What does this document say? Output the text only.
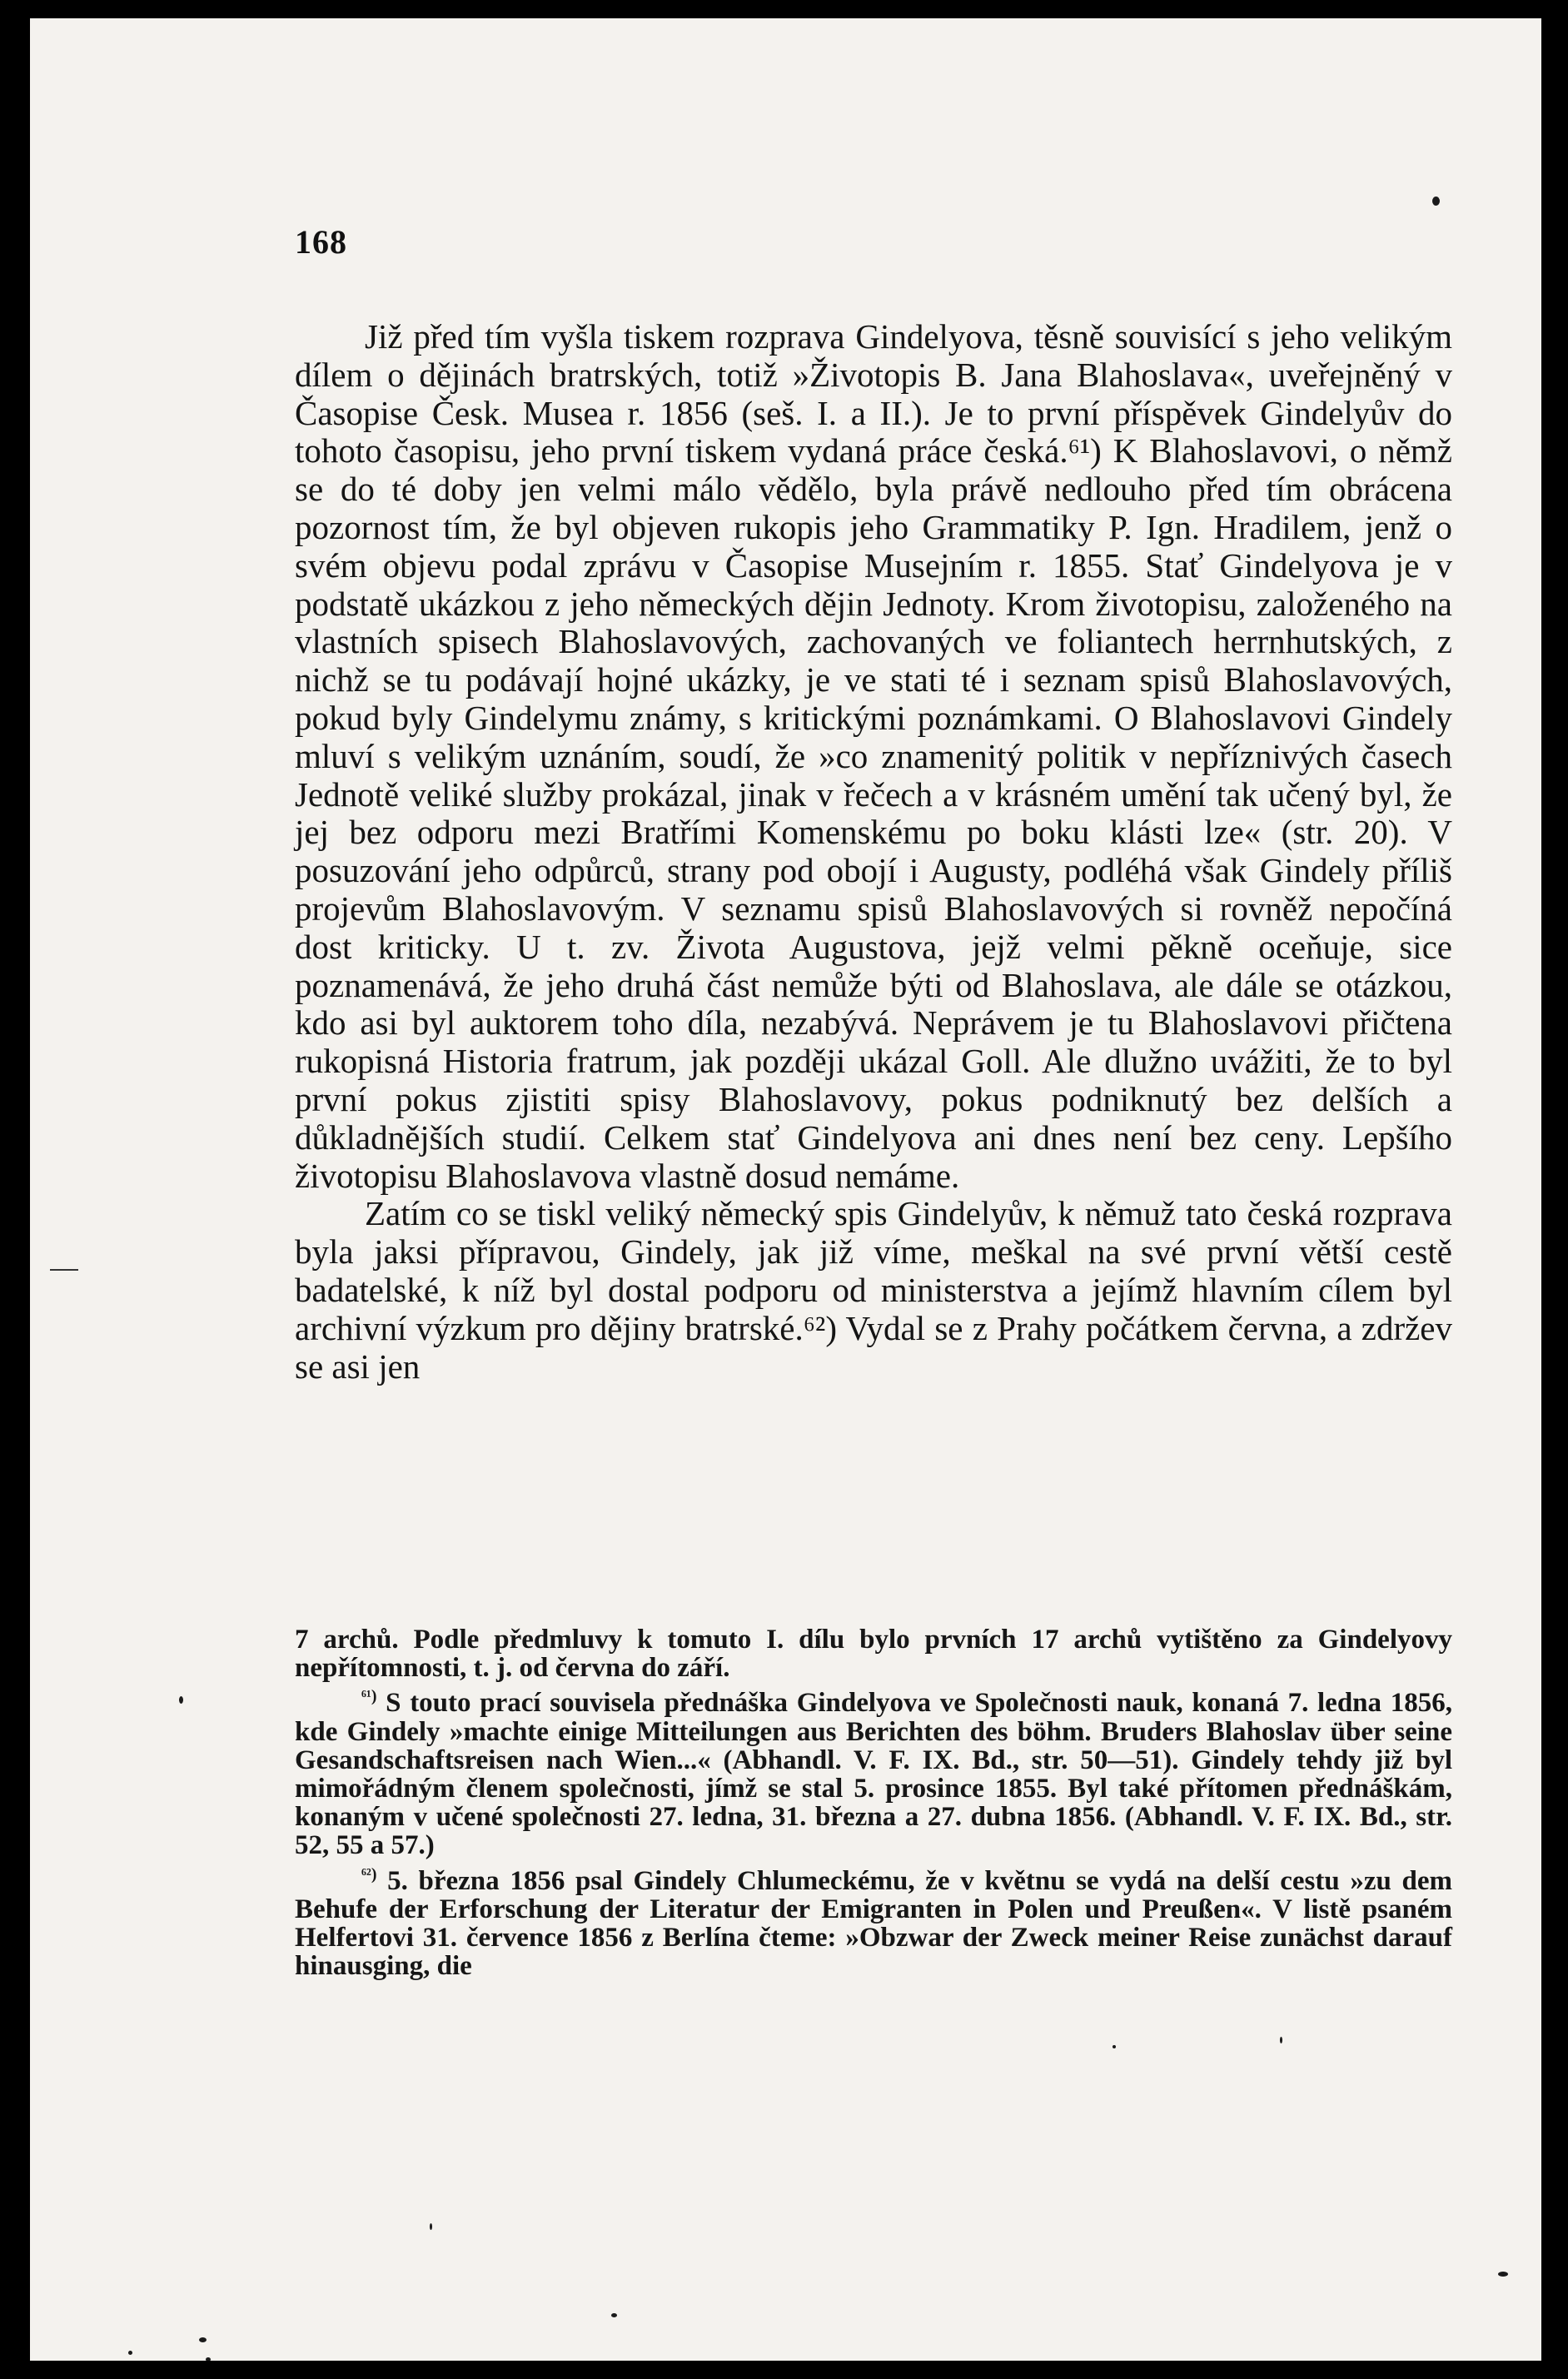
168

Již před tím vyšla tiskem rozprava Gindelyova, těsně souvisící s jeho velikým dílem o dějinách bratrských, totiž »Životopis B. Jana Blahoslava«, uveřejněný v Časopise Česk. Musea r. 1856 (seš. I. a II.). Je to první příspěvek Gindelyův do tohoto časopisu, jeho první tiskem vydaná práce česká.⁶¹) K Blahoslavovi, o němž se do té doby jen velmi málo vědělo, byla právě nedlouho před tím obrácena pozornost tím, že byl objeven rukopis jeho Grammatiky P. Ign. Hradilem, jenž o svém objevu podal zprávu v Časopise Musejním r. 1855. Stať Gindelyova je v podstatě ukázkou z jeho německých dějin Jednoty. Krom životopisu, založeného na vlastních spisech Blahoslavových, zachovaných ve foliantech herrnhutských, z nichž se tu podávají hojné ukázky, je ve stati té i seznam spisů Blahoslavových, pokud byly Gindelymu známy, s kritickými poznámkami. O Blahoslavovi Gindely mluví s velikým uznáním, soudí, že »co znamenitý politik v nepříznivých časech Jednotě veliké služby prokázal, jinak v řečech a v krásném umění tak učený byl, že jej bez odporu mezi Bratřími Komenskému po boku klásti lze« (str. 20). V posuzování jeho odpůrců, strany pod obojí i Augusty, podléhá však Gindely příliš projevům Blahoslavovým. V seznamu spisů Blahoslavových si rovněž nepočíná dost kriticky. U t. zv. Života Augustova, jejž velmi pěkně oceňuje, sice poznamenává, že jeho druhá část nemůže býti od Blahoslava, ale dále se otázkou, kdo asi byl auktorem toho díla, nezabývá. Neprávem je tu Blahoslavovi přičtena rukopisná Historia fratrum, jak později ukázal Goll. Ale dlužno uvážiti, že to byl první pokus zjistiti spisy Blahoslavovy, pokus podniknutý bez delších a důkladnějších studií. Celkem stať Gindelyova ani dnes není bez ceny. Lepšího životopisu Blahoslavova vlastně dosud nemáme.

Zatím co se tiskl veliký německý spis Gindelyův, k němuž tato česká rozprava byla jaksi přípravou, Gindely, jak již víme, meškal na své první větší cestě badatelské, k níž byl dostal podporu od ministerstva a jejímž hlavním cílem byl archivní výzkum pro dějiny bratrské.⁶²) Vydal se z Prahy počátkem června, a zdržev se asi jen

7 archů. Podle předmluvy k tomuto I. dílu bylo prvních 17 archů vytištěno za Gindelyovy nepřítomnosti, t. j. od června do září.

$^{^{61})}$ S touto prací souvisela přednáška Gindelyova ve Společnosti nauk, konaná 7. ledna 1856, kde Gindely »machte einige Mitteilungen aus Berichten des böhm. Bruders Blahoslav über seine Gesandschaftsreisen nach Wien...« (Abhandl. V. F. IX. Bd., str. 50—51). Gindely tehdy již byl mimořádným členem společnosti, jímž se stal 5. prosince 1855. Byl také přítomen přednáškám, konaným v učené společnosti 27. ledna, 31. března a 27. dubna 1856. (Abhandl. V. F. IX. Bd., str. 52, 55 a 57.)

$^{^{62})}$ 5. března 1856 psal Gindely Chlumeckému, že v květnu se vydá na delší cestu »zu dem Behufe der Erforschung der Literatur der Emigranten in Polen und Preußen«. V listě psaném Helfertovi 31. července 1856 z Berlína čteme: »Obzwar der Zweck meiner Reise zunächst darauf hinausging, die
